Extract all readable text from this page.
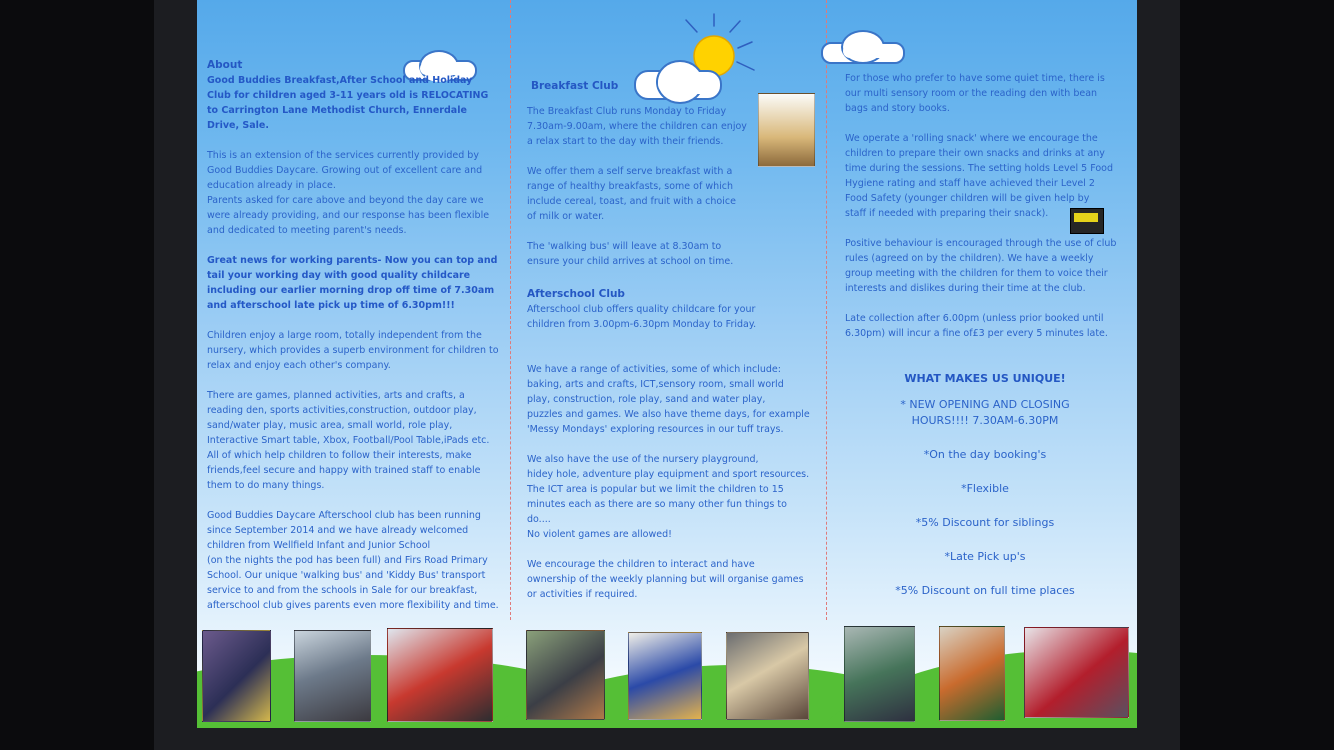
About

Good Buddies Breakfast,After School and Holiday Club for children aged 3-11 years old is RELOCATING to Carrington Lane Methodist Church, Ennerdale Drive, Sale.

This is an extension of the services currently provided by Good Buddies Daycare. Growing out of excellent care and education already in place.
Parents asked for care above and beyond the day care we were already providing, and our response has been flexible and dedicated to meeting parent's needs.

Great news for working parents- Now you can top and tail your working day with good quality childcare including our earlier morning drop off time of 7.30am and afterschool late pick up time of 6.30pm!!!

Children enjoy a large room, totally independent from the nursery, which provides a superb environment for children to relax and enjoy each other's company.

There are games, planned activities, arts and crafts, a reading den, sports activities,construction, outdoor play, sand/water play, music area, small world, role play, Interactive Smart table, Xbox, Football/Pool Table,iPads etc. All of which help children to follow their interests, make friends,feel secure and happy with trained staff to enable them to do many things.

Good Buddies Daycare Afterschool club has been running since September 2014 and we have already welcomed children from Wellfield Infant and Junior School
(on the nights the pod has been full) and Firs Road Primary School. Our unique 'walking bus' and 'Kiddy Bus' transport service to and from the schools in Sale for our breakfast, afterschool club gives parents even more flexibility and time.

Breakfast Club

The Breakfast Club runs Monday to Friday
7.30am-9.00am, where the children can enjoy
a relax start to the day with their friends.

We offer them a self serve breakfast with a
range of healthy breakfasts, some of which
include cereal, toast, and fruit with a choice
of milk or water.

The 'walking bus' will leave at 8.30am to
ensure your child arrives at school on time.

Afterschool Club

Afterschool club offers quality childcare for your
children from 3.00pm-6.30pm Monday to Friday.

We have a range of activities, some of which include:
baking, arts and crafts, ICT,sensory room, small world
play, construction, role play, sand and water play,
puzzles and games. We also have theme days, for example
'Messy Mondays' exploring resources in our tuff trays.

We also have the use of the nursery playground,
hidey hole, adventure play equipment and sport resources.
The ICT area is popular but we limit the children to 15
minutes each as there are so many other fun things to
do....
No violent games are allowed!

We encourage the children to interact and have
ownership of the weekly planning but will organise games
or activities if required.

For those who prefer to have some quiet time, there is
our multi sensory room or the reading den with bean
bags and story books.

We operate a 'rolling snack' where we encourage the
children to prepare their own snacks and drinks at any
time during the sessions. The setting holds Level 5 Food
Hygiene rating and staff have achieved their Level 2
Food Safety (younger children will be given help by
staff if needed with preparing their snack).

Positive behaviour is encouraged through the use of club
rules (agreed on by the children). We have a weekly
group meeting with the children for them to voice their
interests and dislikes during their time at the club.

Late collection after 6.00pm (unless prior booked until
6.30pm) will incur a fine of£3 per every 5 minutes late.

WHAT MAKES US UNIQUE!
* NEW OPENING AND CLOSING
HOURS!!!! 7.30AM-6.30PM
*On the day booking's
*Flexible
*5% Discount for siblings
*Late Pick up's
*5% Discount on full time places
